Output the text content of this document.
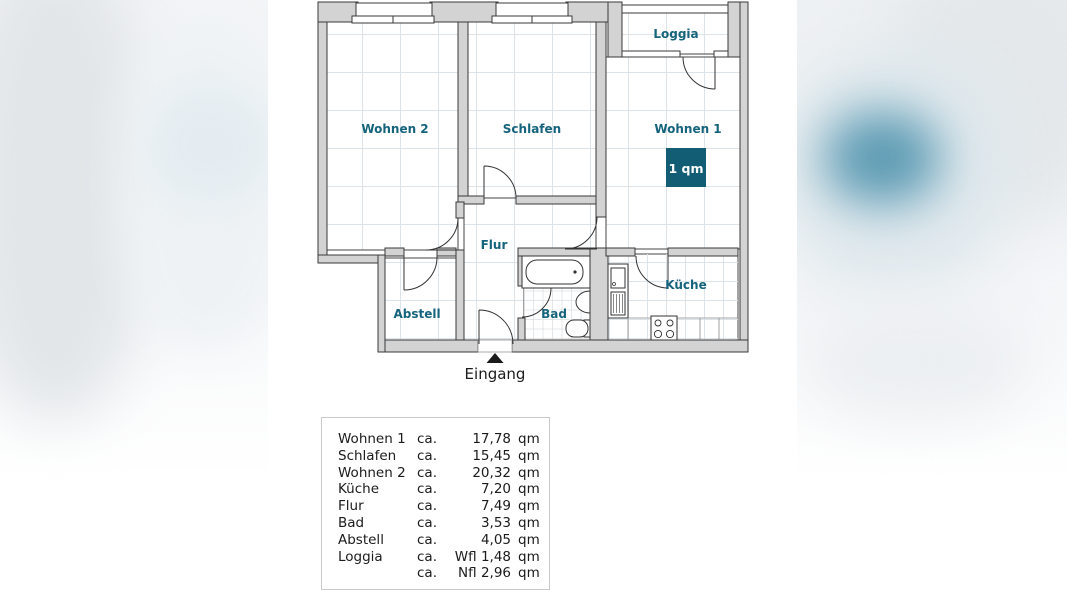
Wohnen 2	Schlafen	Wohnen 1
Loggia
Flur
Abstell	Bad
Küche
1 qm
Eingang
Wohnen 1 ca.	17,78 qm
Schlafen ca.	15,45 qm
Wohnen 2 ca.	20,32 qm
Küche	ca.	7,20 qm
Flur	ca.	7,49 qm
Bad	ca.	3,53 qm
Abstell ca.	4,05 qm
Loggia	ca.	Wfl 1,48 qm
ca.	Nfl 2,96 qm
